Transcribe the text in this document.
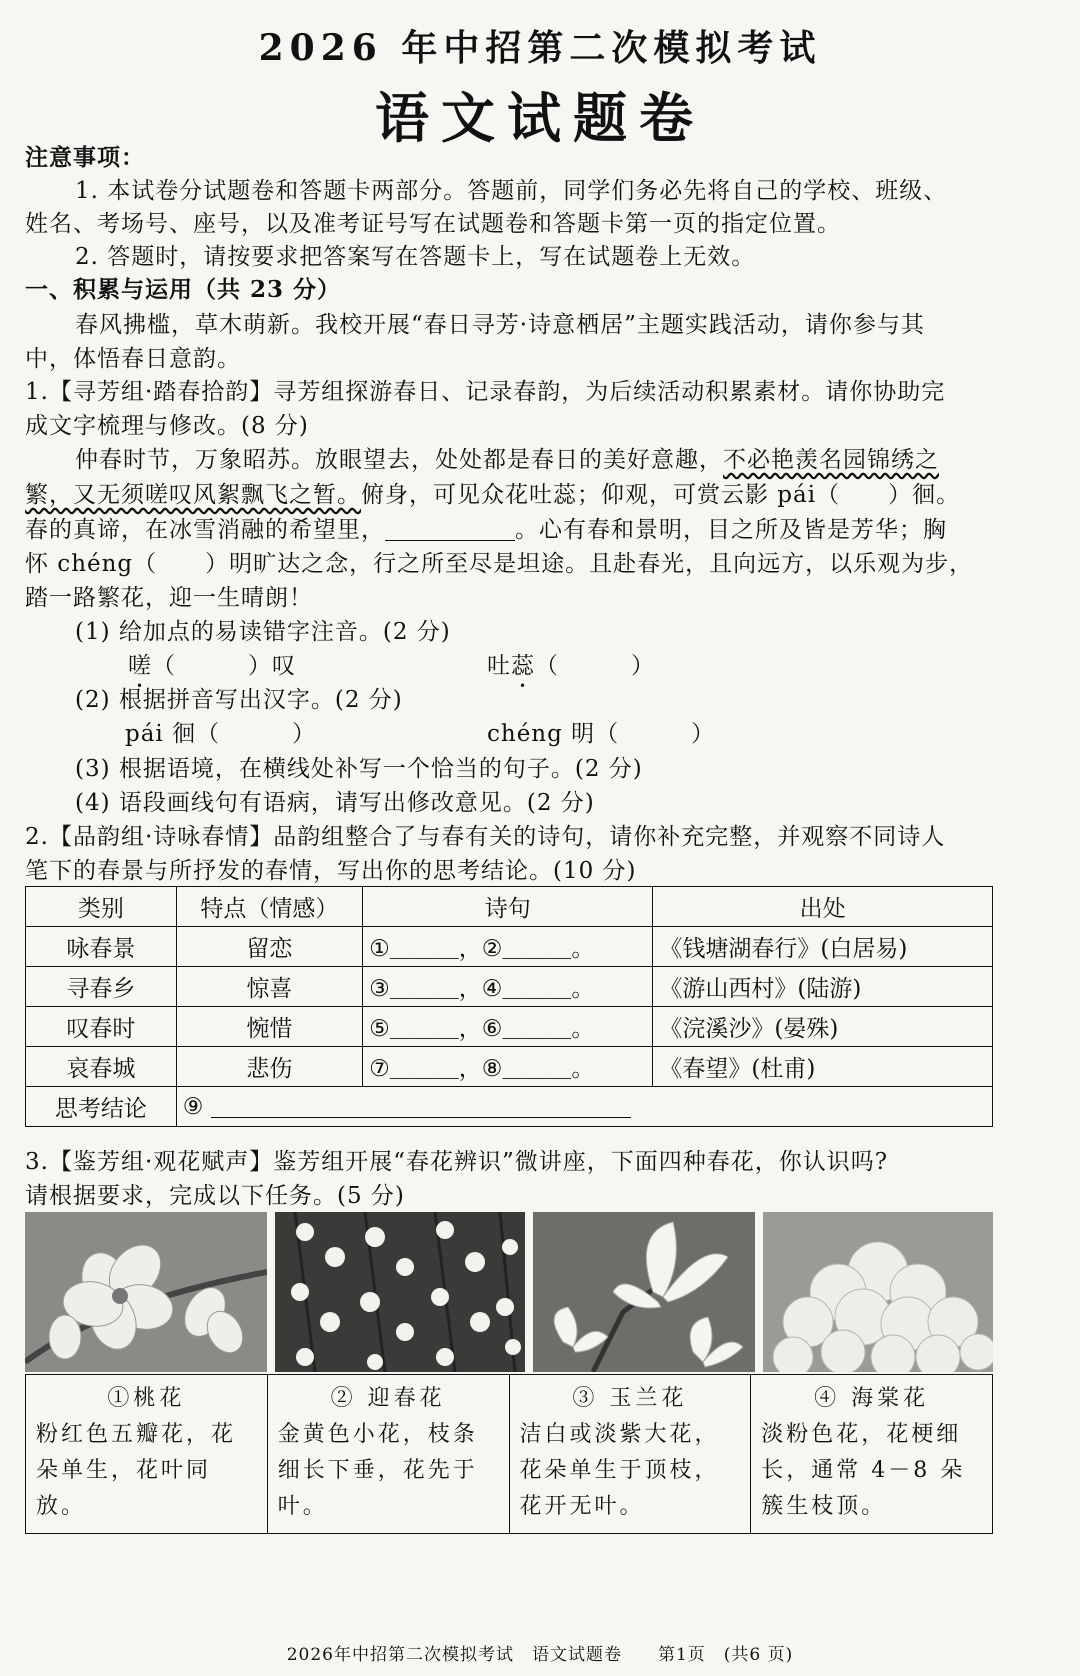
2026 年中招第二次模拟考试
语文试题卷
注意事项：
1. 本试卷分试题卷和答题卡两部分。答题前，同学们务必先将自己的学校、班级、
姓名、考场号、座号，以及准考证号写在试题卷和答题卡第一页的指定位置。
2. 答题时，请按要求把答案写在答题卡上，写在试题卷上无效。
一、积累与运用（共 23 分）
春风拂槛，草木萌新。我校开展“春日寻芳·诗意栖居”主题实践活动，请你参与其
中，体悟春日意韵。
1.【寻芳组·踏春拾韵】寻芳组探游春日、记录春韵，为后续活动积累素材。请你协助完
成文字梳理与修改。(8 分)
仲春时节，万象昭苏。放眼望去，处处都是春日的美好意趣，不必艳羡名园锦绣之
繁，又无须嗟叹风絮飘飞之暂。俯身，可见众花吐蕊；仰观，可赏云影 pái（　　）徊。
春的真谛，在冰雪消融的希望里，	。心有春和景明，目之所及皆是芳华；胸
怀 chéng（　　）明旷达之念，行之所至尽是坦途。且赴春光，且向远方，以乐观为步，
踏一路繁花，迎一生晴朗！
(1) 给加点的易读错字注音。(2 分)
嗟（　　　）叹	吐蕊（　　　）
(2) 根据拼音写出汉字。(2 分)
pái 徊（　　　）	chéng 明（　　　）
(3) 根据语境，在横线处补写一个恰当的句子。(2 分)
(4) 语段画线句有语病，请写出修改意见。(2 分)
2.【品韵组·诗咏春情】品韵组整合了与春有关的诗句，请你补充完整，并观察不同诗人
笔下的春景与所抒发的春情，写出你的思考结论。(10 分)
类别	特点（情感）	诗句	出处
咏春景	留恋	①＿＿＿，②＿＿＿。	《钱塘湖春行》(白居易)
寻春乡	惊喜	③＿＿＿，④＿＿＿。	《游山西村》(陆游)
叹春时	惋惜	⑤＿＿＿，⑥＿＿＿。	《浣溪沙》(晏殊)
哀春城	悲伤	⑦＿＿＿，⑧＿＿＿。	《春望》(杜甫)
思考结论	⑨		
3.【鉴芳组·观花赋声】鉴芳组开展“春花辨识”微讲座，下面四种春花，你认识吗?
请根据要求，完成以下任务。(5 分)
①桃花
粉红色五瓣花，花朵单生，花叶同放。	
② 迎春花
金黄色小花，枝条细长下垂，花先于叶。	
③ 玉兰花
洁白或淡紫大花，花朵单生于顶枝，花开无叶。	
④ 海棠花
淡粉色花，花梗细长，通常 4－8 朵簇生枝顶。
2026年中招第二次模拟考试　语文试题卷　　第1页　(共6 页)
